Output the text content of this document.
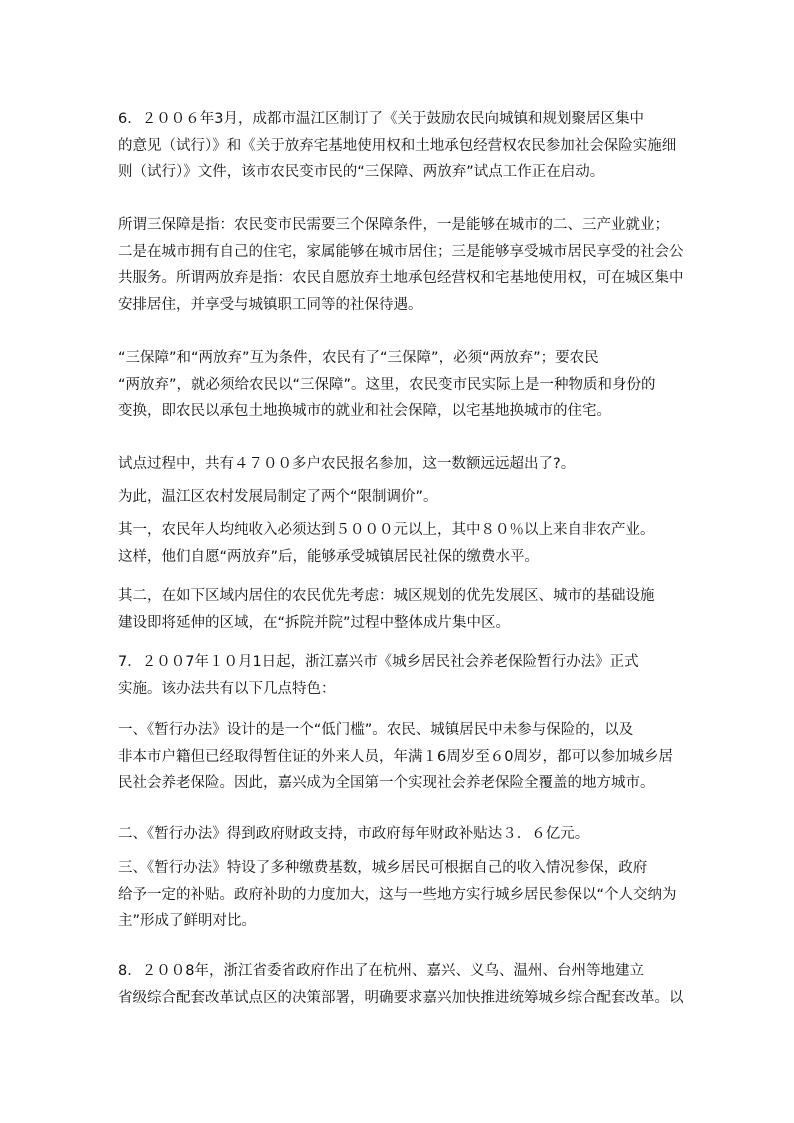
6．２００６年3月，成都市温江区制订了《关于鼓励农民向城镇和规划聚居区集中
的意见（试行）》和《关于放弃宅基地使用权和土地承包经营权农民参加社会保险实施细
则（试行）》文件，该市农民变市民的“三保障、两放弃”试点工作正在启动。
所谓三保障是指：农民变市民需要三个保障条件，一是能够在城市的二、三产业就业；
二是在城市拥有自己的住宅，家属能够在城市居住；三是能够享受城市居民享受的社会公
共服务。所谓两放弃是指：农民自愿放弃土地承包经营权和宅基地使用权，可在城区集中
安排居住，并享受与城镇职工同等的社保待遇。
“三保障”和“两放弃”互为条件，农民有了“三保障”，必须“两放弃”；要农民
“两放弃”，就必须给农民以“三保障”。这里，农民变市民实际上是一种物质和身份的
变换，即农民以承包土地换城市的就业和社会保障，以宅基地换城市的住宅。
试点过程中，共有４７００多户农民报名参加，这一数额远远超出了?。
为此，温江区农村发展局制定了两个“限制调价”。
其一，农民年人均纯收入必须达到５０００元以上，其中８０％以上来自非农产业。
这样，他们自愿“两放弃”后，能够承受城镇居民社保的缴费水平。
其二，在如下区域内居住的农民优先考虑：城区规划的优先发展区、城市的基础设施
建设即将延伸的区域，在“拆院并院”过程中整体成片集中区。
7．２００7年１０月1日起，浙江嘉兴市《城乡居民社会养老保险暂行办法》正式
实施。该办法共有以下几点特色：
一、《暂行办法》设计的是一个“低门槛”。农民、城镇居民中未参与保险的，以及
非本市户籍但已经取得暂住证的外来人员，年满１6周岁至６0周岁，都可以参加城乡居
民社会养老保险。因此，嘉兴成为全国第一个实现社会养老保险全覆盖的地方城市。
二、《暂行办法》得到政府财政支持，市政府每年财政补贴达３．６亿元。
三、《暂行办法》特设了多种缴费基数，城乡居民可根据自己的收入情况参保，政府
给予一定的补贴。政府补助的力度加大，这与一些地方实行城乡居民参保以“个人交纳为
主”形成了鲜明对比。
8．２００8年，浙江省委省政府作出了在杭州、嘉兴、义乌、温州、台州等地建立
省级综合配套改革试点区的决策部署，明确要求嘉兴加快推进统筹城乡综合配套改革。以
